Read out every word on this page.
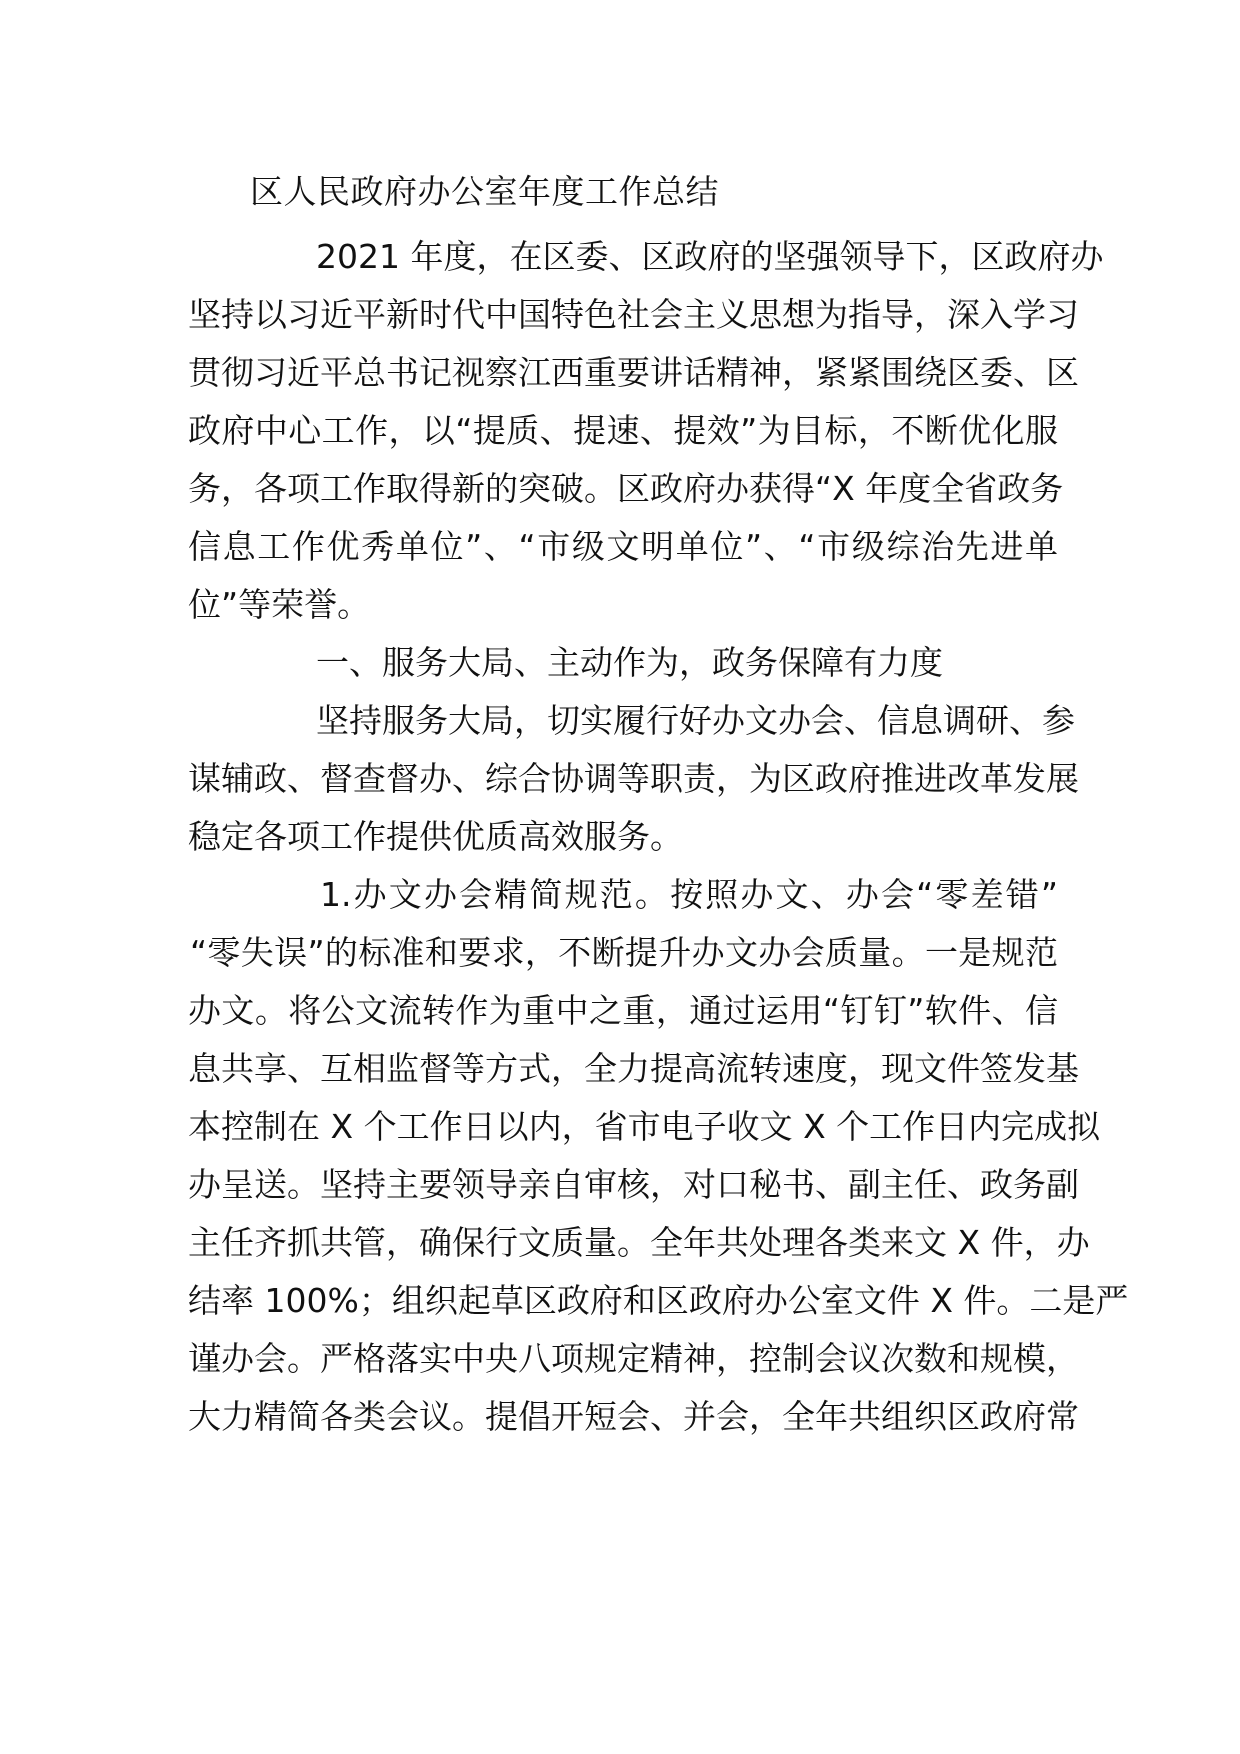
区人民政府办公室年度工作总结
2021 年度，在区委、区政府的坚强领导下，区政府办
坚持以习近平新时代中国特色社会主义思想为指导，深入学习
贯彻习近平总书记视察江西重要讲话精神，紧紧围绕区委、区
政府中心工作，以“提质、提速、提效”为目标，不断优化服
务，各项工作取得新的突破。区政府办获得“X 年度全省政务
信息工作优秀单位”、“市级文明单位”、“市级综治先进单
位”等荣誉。
一、服务大局、主动作为，政务保障有力度
坚持服务大局，切实履行好办文办会、信息调研、参
谋辅政、督查督办、综合协调等职责，为区政府推进改革发展
稳定各项工作提供优质高效服务。
1.办文办会精简规范。按照办文、办会“零差错”
“零失误”的标准和要求，不断提升办文办会质量。一是规范
办文。将公文流转作为重中之重，通过运用“钉钉”软件、信
息共享、互相监督等方式，全力提高流转速度，现文件签发基
本控制在 X 个工作日以内，省市电子收文 X 个工作日内完成拟
办呈送。坚持主要领导亲自审核，对口秘书、副主任、政务副
主任齐抓共管，确保行文质量。全年共处理各类来文 X 件，办
结率 100%；组织起草区政府和区政府办公室文件 X 件。二是严
谨办会。严格落实中央八项规定精神，控制会议次数和规模，
大力精简各类会议。提倡开短会、并会，全年共组织区政府常
